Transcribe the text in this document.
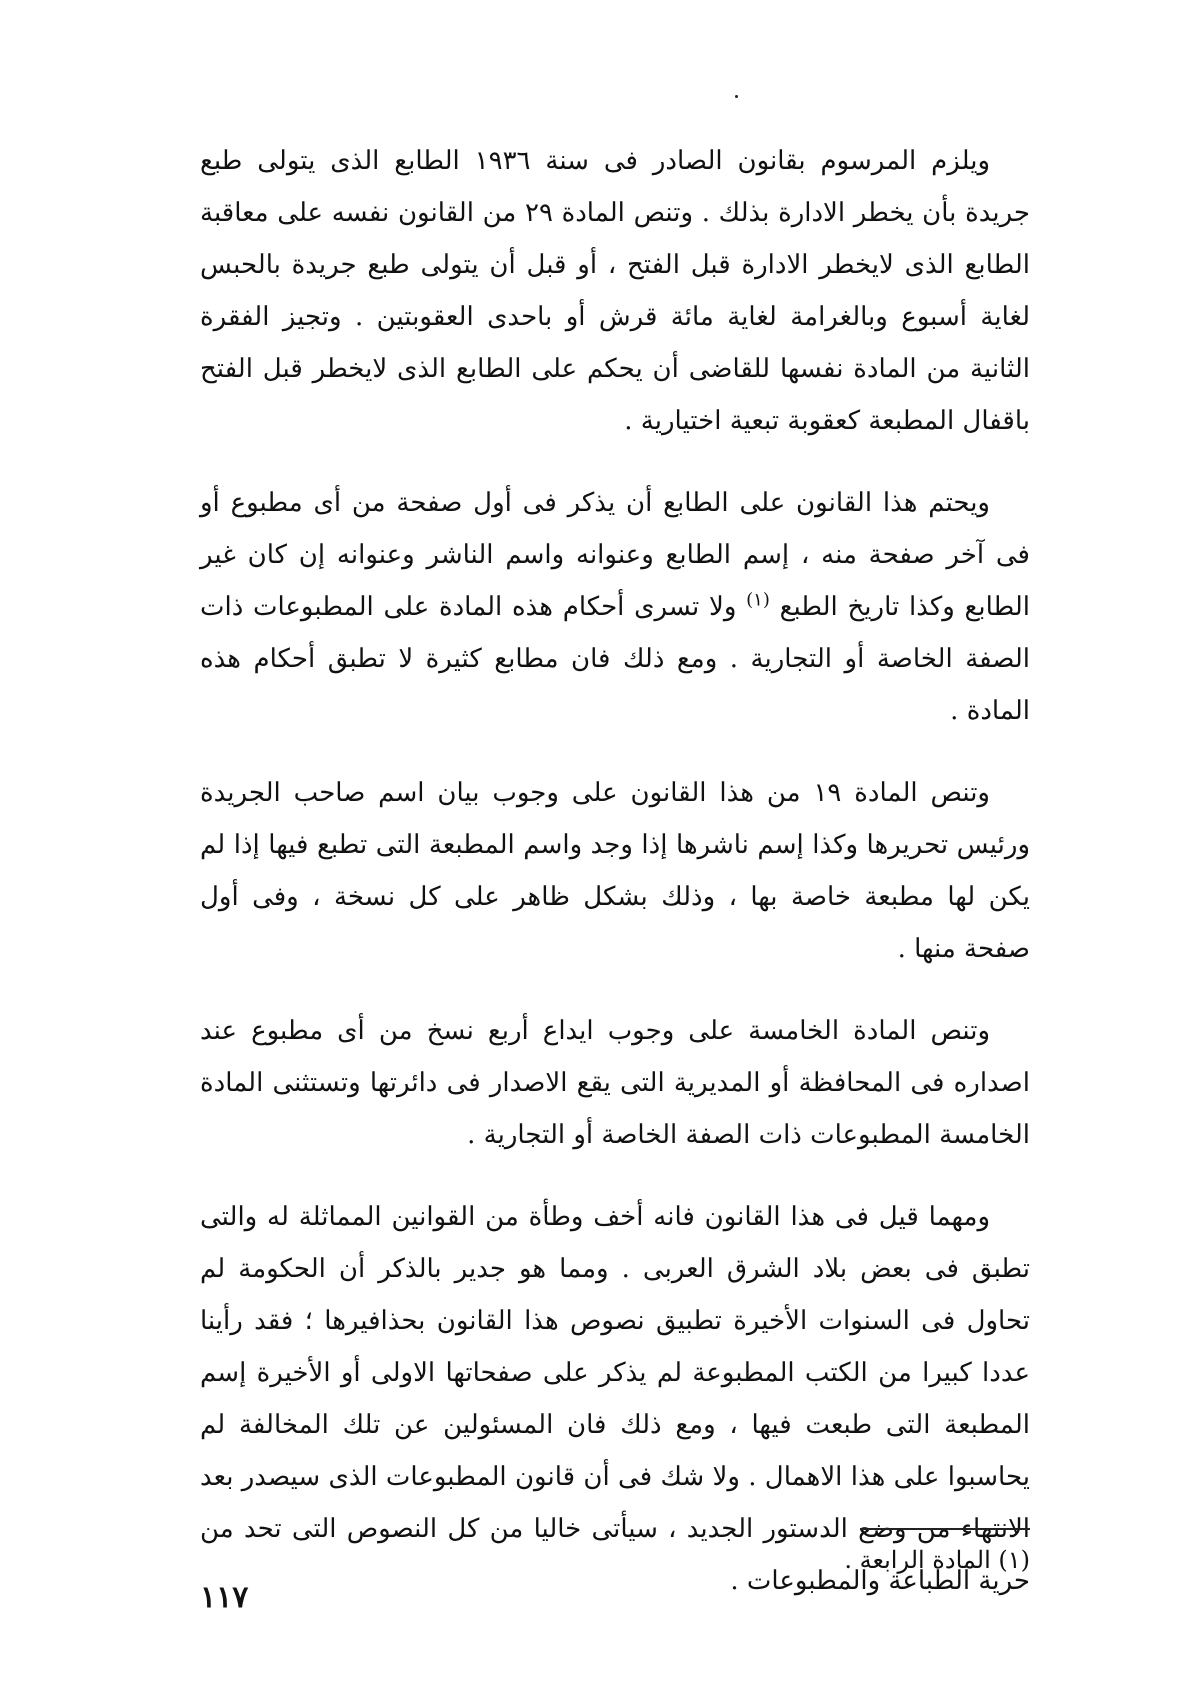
ويلزم المرسوم بقانون الصادر فى سنة ١٩٣٦ الطابع الذى يتولى طبع جريدة بأن يخطر الادارة بذلك . وتنص المادة ٢٩ من القانون نفسه على معاقبة الطابع الذى لايخطر الادارة قبل الفتح ، أو قبل أن يتولى طبع جريدة بالحبس لغاية أسبوع وبالغرامة لغاية مائة قرش أو باحدى العقوبتين . وتجيز الفقرة الثانية من المادة نفسها للقاضى أن يحكم على الطابع الذى لايخطر قبل الفتح باقفال المطبعة كعقوبة تبعية اختيارية .

ويحتم هذا القانون على الطابع أن يذكر فى أول صفحة من أى مطبوع أو فى آخر صفحة منه ، إسم الطابع وعنوانه واسم الناشر وعنوانه إن كان غير الطابع وكذا تاريخ الطبع $^{(١)}$ ولا تسرى أحكام هذه المادة على المطبوعات ذات الصفة الخاصة أو التجارية . ومع ذلك فان مطابع كثيرة لا تطبق أحكام هذه المادة .

وتنص المادة ١٩ من هذا القانون على وجوب بيان اسم صاحب الجريدة ورئيس تحريرها وكذا إسم ناشرها إذا وجد واسم المطبعة التى تطبع فيها إذا لم يكن لها مطبعة خاصة بها ، وذلك بشكل ظاهر على كل نسخة ، وفى أول صفحة منها .

وتنص المادة الخامسة على وجوب ايداع أربع نسخ من أى مطبوع عند اصداره فى المحافظة أو المديرية التى يقع الاصدار فى دائرتها وتستثنى المادة الخامسة المطبوعات ذات الصفة الخاصة أو التجارية .

ومهما قيل فى هذا القانون فانه أخف وطأة من القوانين المماثلة له والتى تطبق فى بعض بلاد الشرق العربى . ومما هو جدير بالذكر أن الحكومة لم تحاول فى السنوات الأخيرة تطبيق نصوص هذا القانون بحذافيرها ؛ فقد رأينا عددا كبيرا من الكتب المطبوعة لم يذكر على صفحاتها الاولى أو الأخيرة إسم المطبعة التى طبعت فيها ، ومع ذلك فان المسئولين عن تلك المخالفة لم يحاسبوا على هذا الاهمال . ولا شك فى أن قانون المطبوعات الذى سيصدر بعد الانتهاء من وضع الدستور الجديد ، سيأتى خاليا من كل النصوص التى تحد من حرية الطباعة والمطبوعات .

(١) المادة الرابعة .
١١٧
